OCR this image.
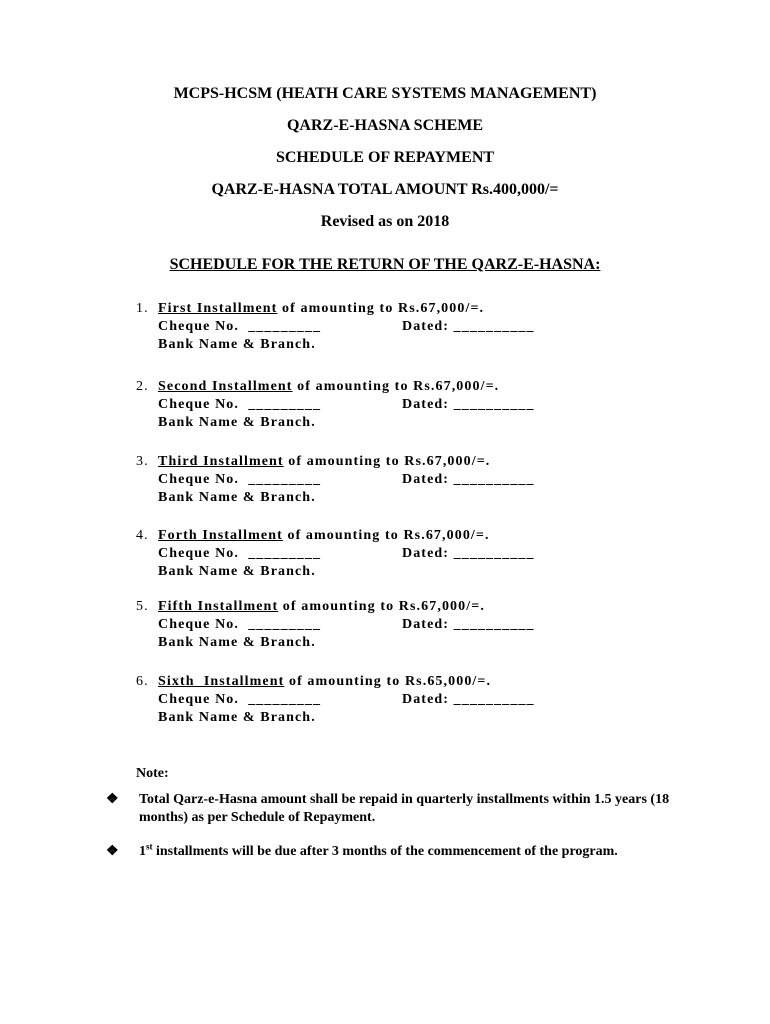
MCPS-HCSM (HEATH CARE SYSTEMS MANAGEMENT)

QARZ-E-HASNA SCHEME

SCHEDULE OF REPAYMENT

QARZ-E-HASNA TOTAL AMOUNT Rs.400,000/=

Revised as on 2018

SCHEDULE FOR THE RETURN OF THE QARZ-E-HASNA:

1. First Installment of amounting to Rs.67,000/=.
Cheque No.  _________	Dated: __________
Bank Name & Branch.
2. Second Installment of amounting to Rs.67,000/=.
Cheque No.  _________	Dated: __________
Bank Name & Branch.
3. Third Installment of amounting to Rs.67,000/=.
Cheque No.  _________	Dated: __________
Bank Name & Branch.
4. Forth Installment of amounting to Rs.67,000/=.
Cheque No.  _________	Dated: __________
Bank Name & Branch.
5. Fifth Installment of amounting to Rs.67,000/=.
Cheque No.  _________	Dated: __________
Bank Name & Branch.
6. Sixth  Installment of amounting to Rs.65,000/=.
Cheque No.  _________	Dated: __________
Bank Name & Branch.
Note:
❖	Total Qarz-e-Hasna amount shall be repaid in quarterly installments within 1.5 years (18 months) as per Schedule of Repayment.
❖	1st installments will be due after 3 months of the commencement of the program.
